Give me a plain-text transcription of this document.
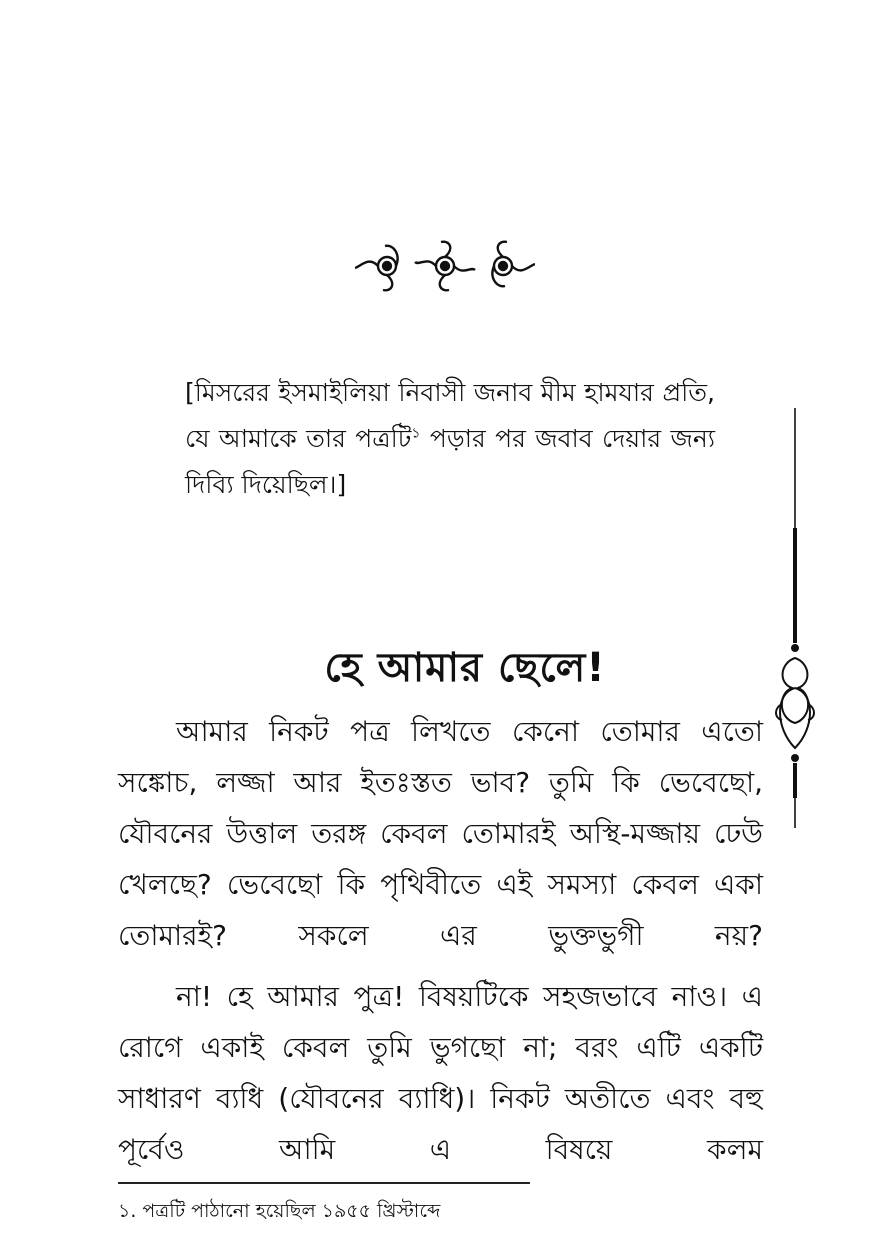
[মিসরের ইসমাইলিয়া নিবাসী জনাব মীম হামযার প্রতি, যে আমাকে তার পত্রটি$^১$ পড়ার পর জবাব দেয়ার জন্য দিব্যি দিয়েছিল।]

হে আমার ছেলে!

আমার নিকট পত্র লিখতে কেনো তোমার এতো সঙ্কোচ, লজ্জা আর ইতঃস্তত ভাব? তুমি কি ভেবেছো, যৌবনের উত্তাল তরঙ্গ কেবল তোমারই অস্থি-মজ্জায় ঢেউ খেলছে? ভেবেছো কি পৃথিবীতে এই সমস্যা কেবল একা তোমারই? সকলে এর ভুক্তভুগী নয়?

না! হে আমার পুত্র! বিষয়টিকে সহজভাবে নাও। এ রোগে একাই কেবল তুমি ভুগছো না; বরং এটি একটি সাধারণ ব্যধি (যৌবনের ব্যাধি)। নিকট অতীতে এবং বহু পূর্বেও আমি এ বিষয়ে কলম

১. পত্রটি পাঠানো হয়েছিল ১৯৫৫ খ্রিস্টাব্দে
